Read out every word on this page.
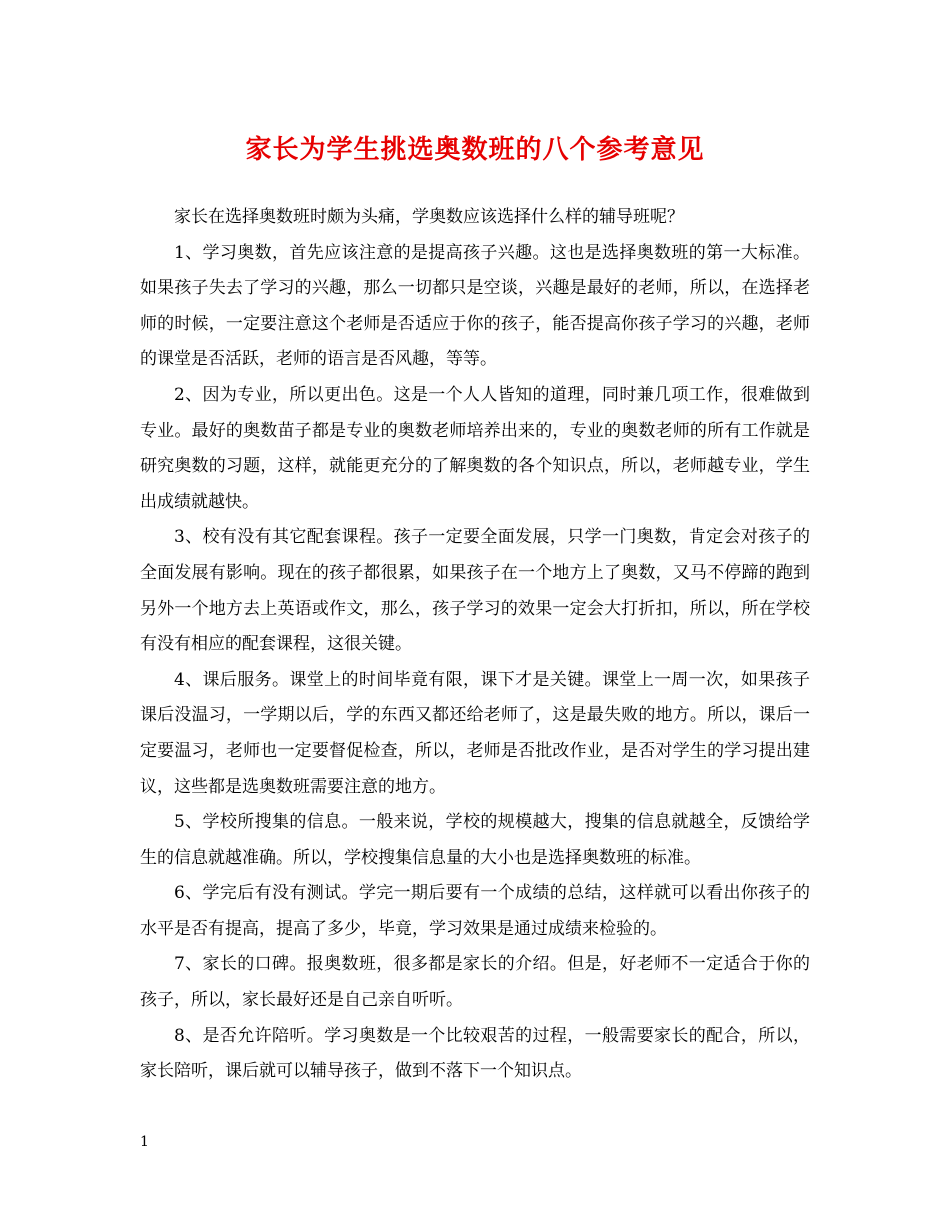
家长为学生挑选奥数班的八个参考意见

家长在选择奥数班时颇为头痛，学奥数应该选择什么样的辅导班呢？

1、学习奥数，首先应该注意的是提高孩子兴趣。这也是选择奥数班的第一大标准。如果孩子失去了学习的兴趣，那么一切都只是空谈，兴趣是最好的老师，所以，在选择老师的时候，一定要注意这个老师是否适应于你的孩子，能否提高你孩子学习的兴趣，老师的课堂是否活跃，老师的语言是否风趣，等等。

2、因为专业，所以更出色。这是一个人人皆知的道理，同时兼几项工作，很难做到专业。最好的奥数苗子都是专业的奥数老师培养出来的，专业的奥数老师的所有工作就是研究奥数的习题，这样，就能更充分的了解奥数的各个知识点，所以，老师越专业，学生出成绩就越快。

3、校有没有其它配套课程。孩子一定要全面发展，只学一门奥数，肯定会对孩子的全面发展有影响。现在的孩子都很累，如果孩子在一个地方上了奥数，又马不停蹄的跑到另外一个地方去上英语或作文，那么，孩子学习的效果一定会大打折扣，所以，所在学校有没有相应的配套课程，这很关键。

4、课后服务。课堂上的时间毕竟有限，课下才是关键。课堂上一周一次，如果孩子课后没温习，一学期以后，学的东西又都还给老师了，这是最失败的地方。所以，课后一定要温习，老师也一定要督促检查，所以，老师是否批改作业，是否对学生的学习提出建议，这些都是选奥数班需要注意的地方。

5、学校所搜集的信息。一般来说，学校的规模越大，搜集的信息就越全，反馈给学生的信息就越准确。所以，学校搜集信息量的大小也是选择奥数班的标准。

6、学完后有没有测试。学完一期后要有一个成绩的总结，这样就可以看出你孩子的水平是否有提高，提高了多少，毕竟，学习效果是通过成绩来检验的。

7、家长的口碑。报奥数班，很多都是家长的介绍。但是，好老师不一定适合于你的孩子，所以，家长最好还是自己亲自听听。

8、是否允许陪听。学习奥数是一个比较艰苦的过程，一般需要家长的配合，所以，家长陪听，课后就可以辅导孩子，做到不落下一个知识点。

1
